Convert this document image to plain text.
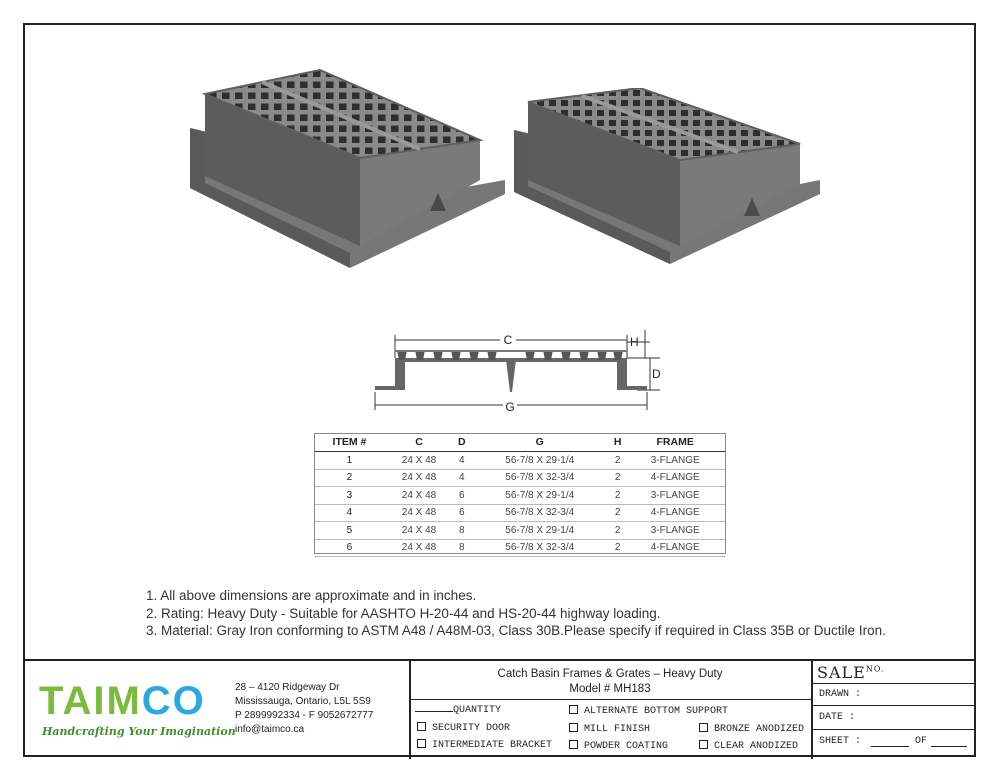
C	H
D
G
ITEM #	C	D	G	H	FRAME
1	24 X 48	4	56-7/8 X 29-1/4	2	3-FLANGE
2	24 X 48	4	56-7/8 X 32-3/4	2	4-FLANGE
3	24 X 48	6	56-7/8 X 29-1/4	2	3-FLANGE
4	24 X 48	6	56-7/8 X 32-3/4	2	4-FLANGE
5	24 X 48	8	56-7/8 X 29-1/4	2	3-FLANGE
6	24 X 48	8	56-7/8 X 32-3/4	2	4-FLANGE
1. All above dimensions are approximate and in inches.
2. Rating: Heavy Duty - Suitable for AASHTO H-20-44 and HS-20-44 highway loading.
3. Material: Gray Iron conforming to ASTM A48 / A48M-03, Class 30B.Please specify if required in Class 35B or Ductile Iron.
TAIMCO
Handcrafting Your Imagination
28 – 4120 Ridgeway Dr
Mississauga, Ontario, L5L 5S9
P 2899992334 - F 9052672777
info@taimco.ca
Catch Basin Frames & Grates – Heavy Duty
Model # MH183
QUANTITY
SECURITY DOOR
INTERMEDIATE BRACKET
ALTERNATE BOTTOM SUPPORT
MILL FINISH
POWDER COATING
BRONZE ANODIZED
CLEAR ANODIZED
$SALE^{NO.}$
DRAWN :
DATE :
SHEET :	OF
